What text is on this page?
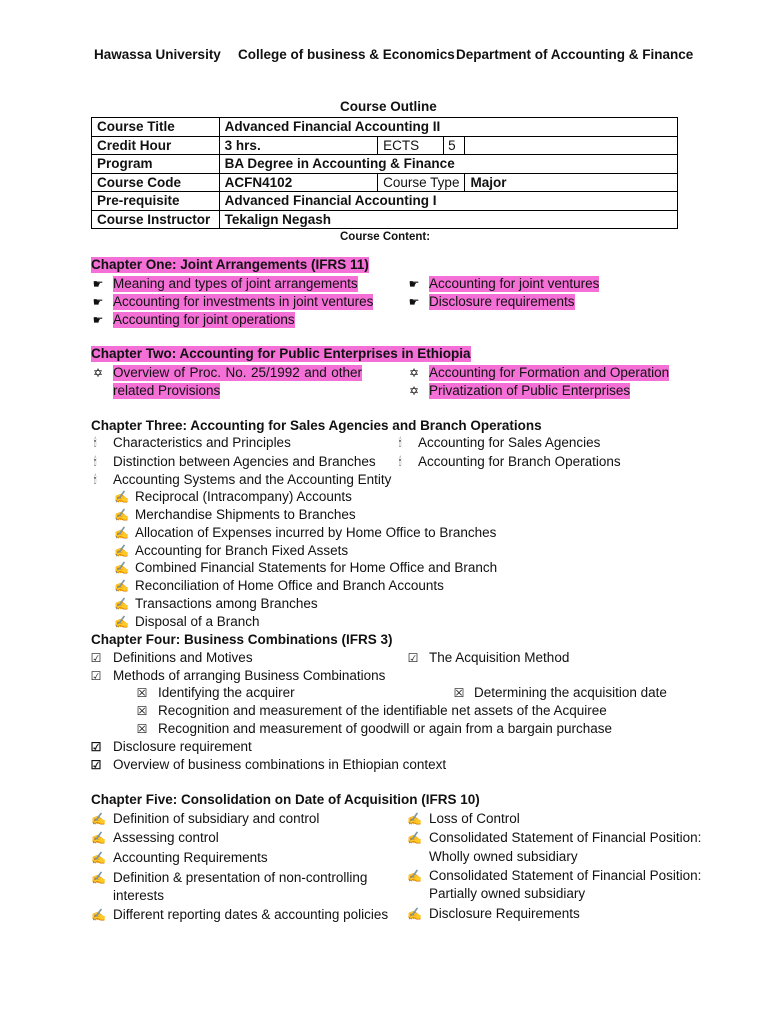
Hawassa University College of business & Economics Department of Accounting & Finance
Course Outline
Course Title	Advanced Financial Accounting II		
Credit Hour	3 hrs.	ECTS 5	
Program	BA Degree in Accounting & Finance		
Course Code	ACFN4102	Course Type	Major
Pre-requisite	Advanced Financial Accounting I		
Course Instructor	Tekalign Negash		
Course Content:
Chapter One: Joint Arrangements (IFRS 11)
☛ Meaning and types of joint arrangements
☛ Accounting for investments in joint ventures
☛ Accounting for joint operations
☛ Accounting for joint ventures
☛ Disclosure requirements
Chapter Two: Accounting for Public Enterprises in Ethiopia
✡ Overview of Proc. No. 25/1992 and other
related Provisions
✡ Accounting for Formation and Operation
✡ Privatization of Public Enterprises
Chapter Three: Accounting for Sales Agencies and Branch Operations
🕯	Characteristics and Principles
🕯	Distinction between Agencies and Branches
🕯	Accounting Systems and the Accounting Entity
🕯	Accounting for Sales Agencies
🕯	Accounting for Branch Operations
✍ Reciprocal (Intracompany) Accounts
✍ Merchandise Shipments to Branches
✍ Allocation of Expenses incurred by Home Office to Branches
✍ Accounting for Branch Fixed Assets
✍ Combined Financial Statements for Home Office and Branch
✍ Reconciliation of Home Office and Branch Accounts
✍ Transactions among Branches
✍ Disposal of a Branch
Chapter Four: Business Combinations (IFRS 3)
☑ Definitions and Motives
☑ Methods of arranging Business Combinations
☑ The Acquisition Method
☒ Identifying the acquirer	☒ Determining the acquisition date
☒ Recognition and measurement of the identifiable net assets of the Acquiree
☒ Recognition and measurement of goodwill or again from a bargain purchase
☑ Disclosure requirement
☑ Overview of business combinations in Ethiopian context
Chapter Five: Consolidation on Date of Acquisition (IFRS 10)
✍ Definition of subsidiary and control
✍ Assessing control
✍ Accounting Requirements
✍ Definition & presentation of non-controlling
interests
✍ Different reporting dates & accounting policies
✍ Loss of Control
✍ Consolidated Statement of Financial Position:
Wholly owned subsidiary
✍ Consolidated Statement of Financial Position:
Partially owned subsidiary
✍ Disclosure Requirements
